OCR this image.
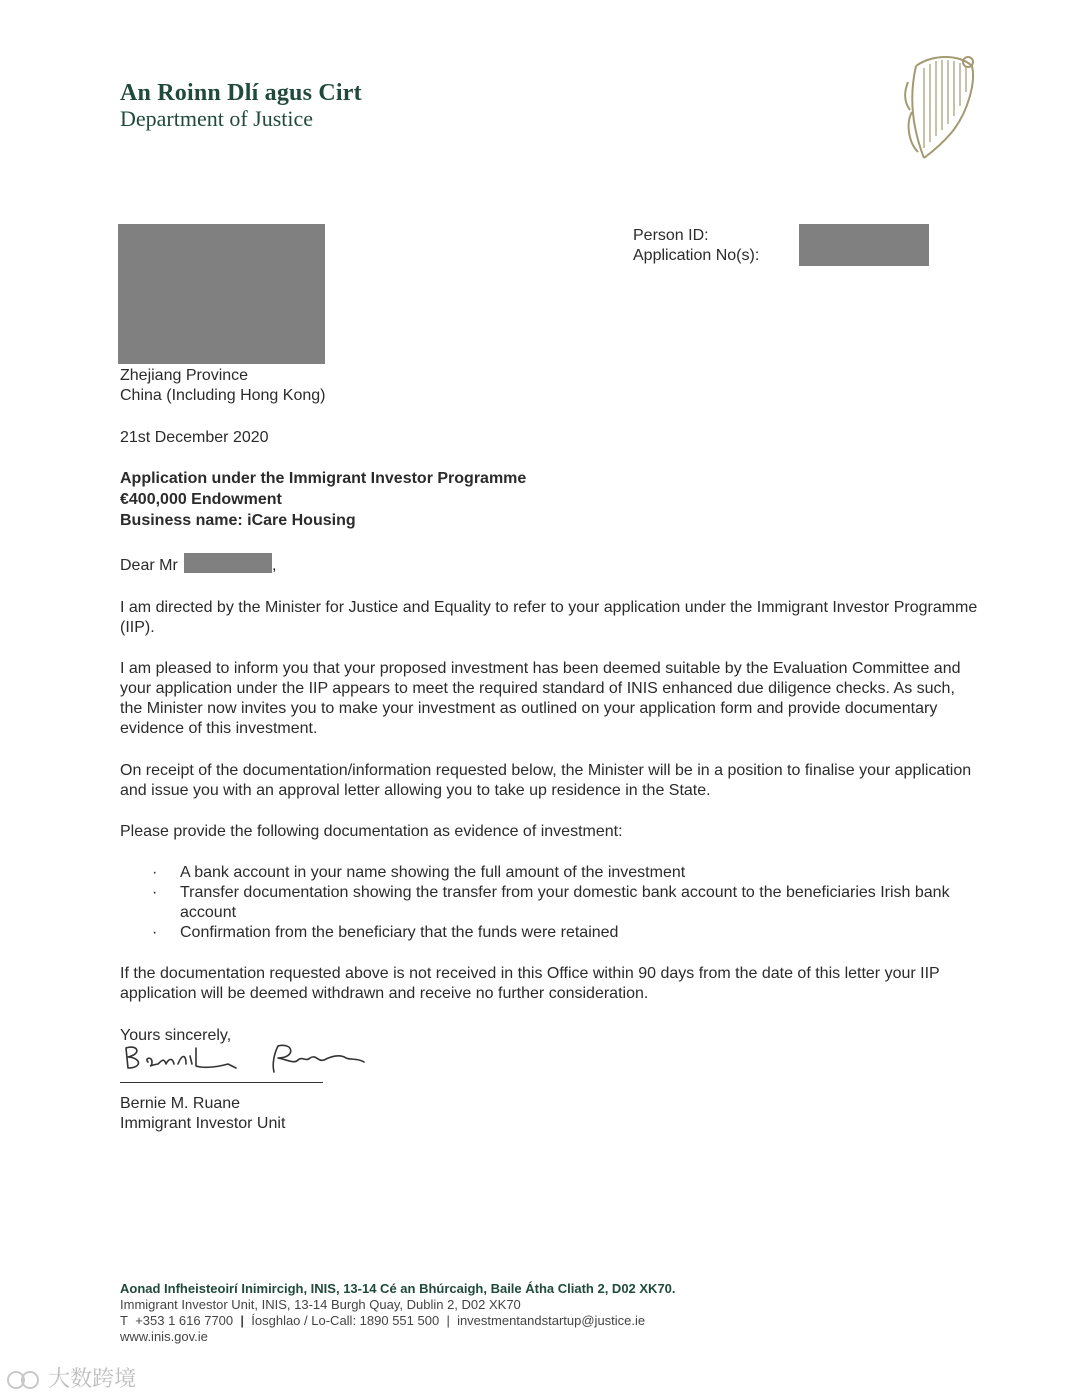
An Roinn Dlí agus Cirt
Department of Justice
Person ID:
Application No(s):
Zhejiang Province
China (Including Hong Kong)
21st December 2020
Application under the Immigrant Investor Programme
€400,000 Endowment
Business name: iCare Housing
Dear Mr	,
I am directed by the Minister for Justice and Equality to refer to your application under the Immigrant Investor Programme (IIP).
I am pleased to inform you that your proposed investment has been deemed suitable by the Evaluation Committee and your application under the IIP appears to meet the required standard of INIS enhanced due diligence checks. As such, the Minister now invites you to make your investment as outlined on your application form and provide documentary evidence of this investment.
On receipt of the documentation/information requested below, the Minister will be in a position to finalise your application and issue you with an approval letter allowing you to take up residence in the State.
Please provide the following documentation as evidence of investment:
· A bank account in your name showing the full amount of the investment
· Transfer documentation showing the transfer from your domestic bank account to the beneficiaries Irish bank account
· Confirmation from the beneficiary that the funds were retained
If the documentation requested above is not received in this Office within 90 days from the date of this letter your IIP application will be deemed withdrawn and receive no further consideration.
Yours sincerely,
Bernie M. Ruane
Immigrant Investor Unit
Aonad Infheisteoirí Inimircigh, INIS, 13-14 Cé an Bhúrcaigh, Baile Átha Cliath 2, D02 XK70.
Immigrant Investor Unit, INIS, 13-14 Burgh Quay, Dublin 2, D02 XK70
T +353 1 616 7700 | Íosghlao / Lo-Call: 1890 551 500 | investmentandstartup@justice.ie
www.inis.gov.ie
大数跨境
